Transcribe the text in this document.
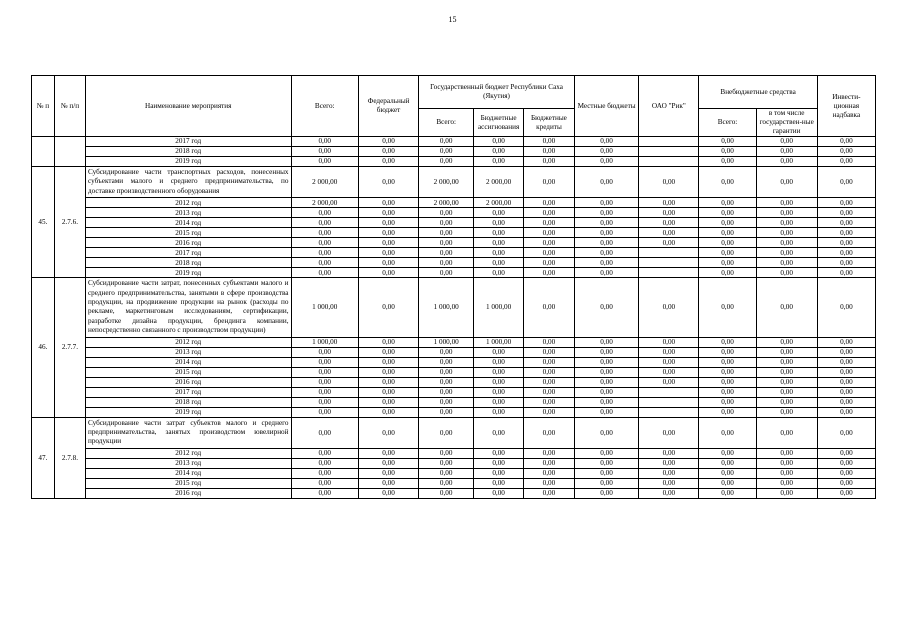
15
№ п	№ п/п	Наименование мероприятия	Всего:	Федеральный бюджет	Государственный бюджет Республики Саха (Якутия)			Местные бюджеты	ОАО "Рик"	Внебюджетные средства		Инвести-ционная надбавка
					Всего:	Бюджетные ассигнования	Бюджетные кредиты			Всего:	в том числе государствен-ные гарантии	
		2017 год	0,00	0,00	0,00	0,00	0,00	0,00		0,00	0,00	0,00
		2018 год	0,00	0,00	0,00	0,00	0,00	0,00		0,00	0,00	0,00
		2019 год	0,00	0,00	0,00	0,00	0,00	0,00		0,00	0,00	0,00
45.	2.7.6.	Субсидирование части транспортных расходов, понесенных субъектами малого и среднего предпринимательства, по доставке производственного оборудования	2 000,00	0,00	2 000,00	2 000,00	0,00	0,00	0,00	0,00	0,00	0,00
		2012 год	2 000,00	0,00	2 000,00	2 000,00	0,00	0,00	0,00	0,00	0,00	0,00
		2013 год	0,00	0,00	0,00	0,00	0,00	0,00	0,00	0,00	0,00	0,00
		2014 год	0,00	0,00	0,00	0,00	0,00	0,00	0,00	0,00	0,00	0,00
		2015 год	0,00	0,00	0,00	0,00	0,00	0,00	0,00	0,00	0,00	0,00
		2016 год	0,00	0,00	0,00	0,00	0,00	0,00	0,00	0,00	0,00	0,00
		2017 год	0,00	0,00	0,00	0,00	0,00	0,00		0,00	0,00	0,00
		2018 год	0,00	0,00	0,00	0,00	0,00	0,00		0,00	0,00	0,00
		2019 год	0,00	0,00	0,00	0,00	0,00	0,00		0,00	0,00	0,00
46.	2.7.7.	Субсидирование части затрат, понесенных субъектами малого и среднего предпринимательства, занятыми в сфере производства продукции, на продвижение продукции на рынок (расходы по рекламе, маркетинговым исследованиям, сертификации, разработке дизайна продукции, брендинга компании, непосредственно связанного с производством продукции)	1 000,00	0,00	1 000,00	1 000,00	0,00	0,00	0,00	0,00	0,00	0,00
		2012 год	1 000,00	0,00	1 000,00	1 000,00	0,00	0,00	0,00	0,00	0,00	0,00
		2013 год	0,00	0,00	0,00	0,00	0,00	0,00	0,00	0,00	0,00	0,00
		2014 год	0,00	0,00	0,00	0,00	0,00	0,00	0,00	0,00	0,00	0,00
		2015 год	0,00	0,00	0,00	0,00	0,00	0,00	0,00	0,00	0,00	0,00
		2016 год	0,00	0,00	0,00	0,00	0,00	0,00	0,00	0,00	0,00	0,00
		2017 год	0,00	0,00	0,00	0,00	0,00	0,00		0,00	0,00	0,00
		2018 год	0,00	0,00	0,00	0,00	0,00	0,00		0,00	0,00	0,00
		2019 год	0,00	0,00	0,00	0,00	0,00	0,00		0,00	0,00	0,00
47.	2.7.8.	Субсидирование части затрат субъектов малого и среднего предпринимательства, занятых производством ювелирной продукции	0,00	0,00	0,00	0,00	0,00	0,00	0,00	0,00	0,00	0,00
		2012 год	0,00	0,00	0,00	0,00	0,00	0,00	0,00	0,00	0,00	0,00
		2013 год	0,00	0,00	0,00	0,00	0,00	0,00	0,00	0,00	0,00	0,00
		2014 год	0,00	0,00	0,00	0,00	0,00	0,00	0,00	0,00	0,00	0,00
		2015 год	0,00	0,00	0,00	0,00	0,00	0,00	0,00	0,00	0,00	0,00
		2016 год	0,00	0,00	0,00	0,00	0,00	0,00	0,00	0,00	0,00	0,00
